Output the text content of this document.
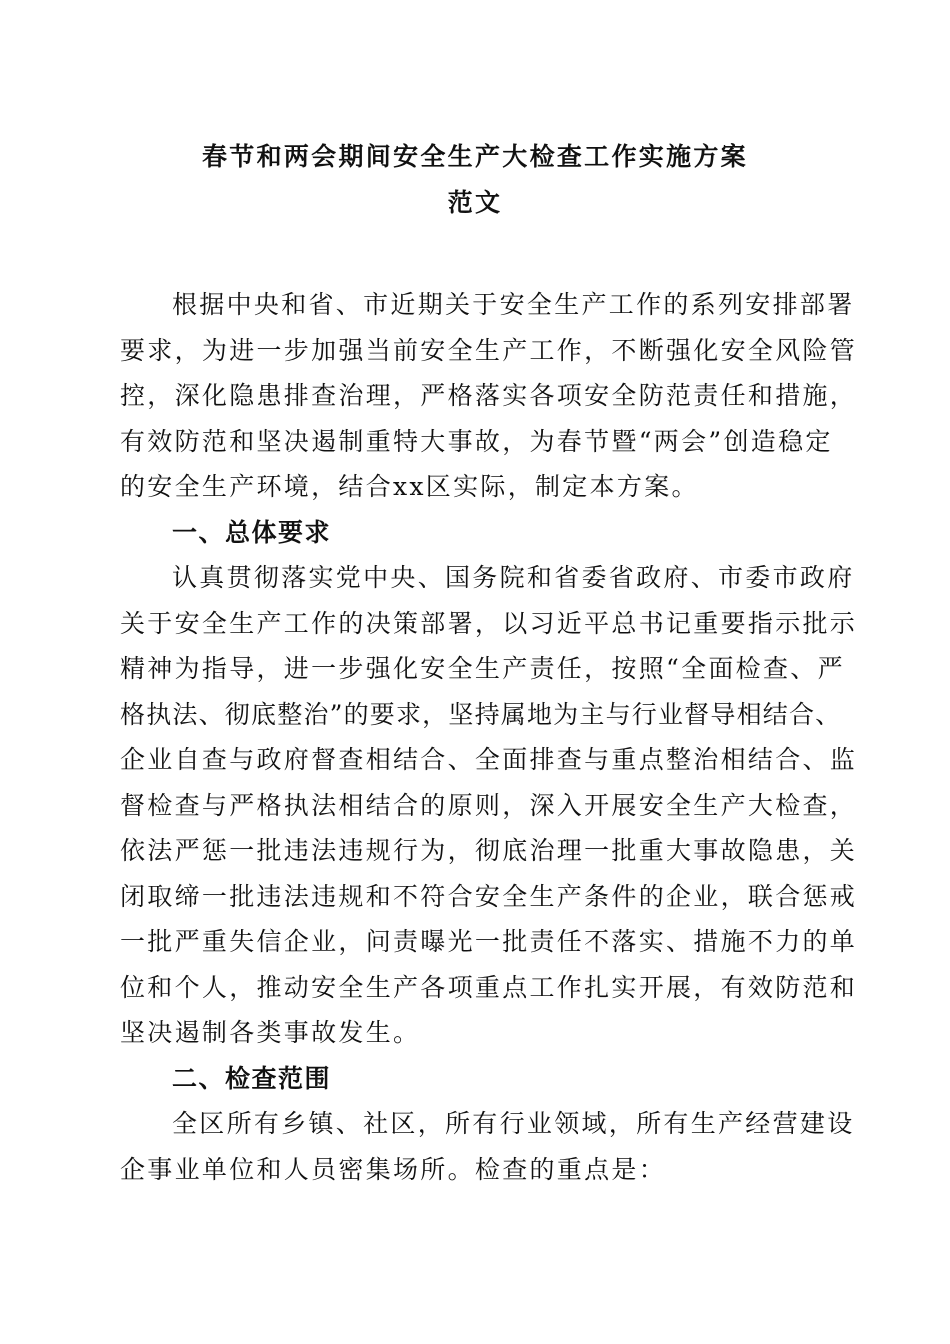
春节和两会期间安全生产大检查工作实施方案
范文
根据中央和省、市近期关于安全生产工作的系列安排部署
要求，为进一步加强当前安全生产工作，不断强化安全风险管
控，深化隐患排查治理，严格落实各项安全防范责任和措施，
有效防范和坚决遏制重特大事故，为春节暨“两会”创造稳定
的安全生产环境，结合xx区实际，制定本方案。
一、总体要求
认真贯彻落实党中央、国务院和省委省政府、市委市政府
关于安全生产工作的决策部署，以习近平总书记重要指示批示
精神为指导，进一步强化安全生产责任，按照“全面检查、严
格执法、彻底整治”的要求，坚持属地为主与行业督导相结合、
企业自查与政府督查相结合、全面排查与重点整治相结合、监
督检查与严格执法相结合的原则，深入开展安全生产大检查，
依法严惩一批违法违规行为，彻底治理一批重大事故隐患，关
闭取缔一批违法违规和不符合安全生产条件的企业，联合惩戒
一批严重失信企业，问责曝光一批责任不落实、措施不力的单
位和个人，推动安全生产各项重点工作扎实开展，有效防范和
坚决遏制各类事故发生。
二、检查范围
全区所有乡镇、社区，所有行业领域，所有生产经营建设
企事业单位和人员密集场所。检查的重点是：
